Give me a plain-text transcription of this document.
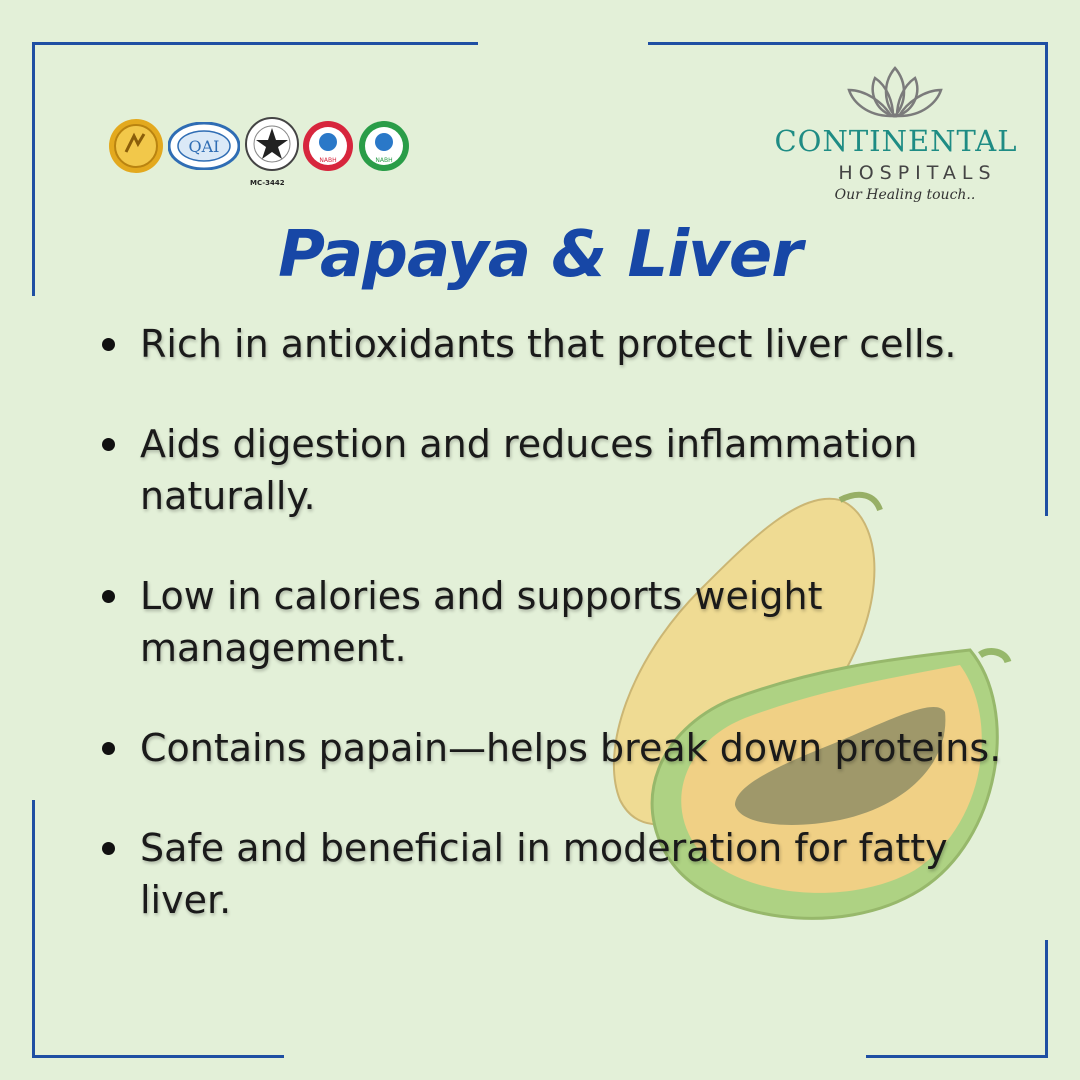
QAI
MC-3442
NABH	NABH
CONTINENTAL
HOSPITALS
Our Healing touch..
Papaya & Liver
Rich in antioxidants that protect liver cells.
Aids digestion and reduces inflammation naturally.
Low in calories and supports weight management.
Contains papain—helps break down proteins.
Safe and beneficial in moderation for fatty liver.
